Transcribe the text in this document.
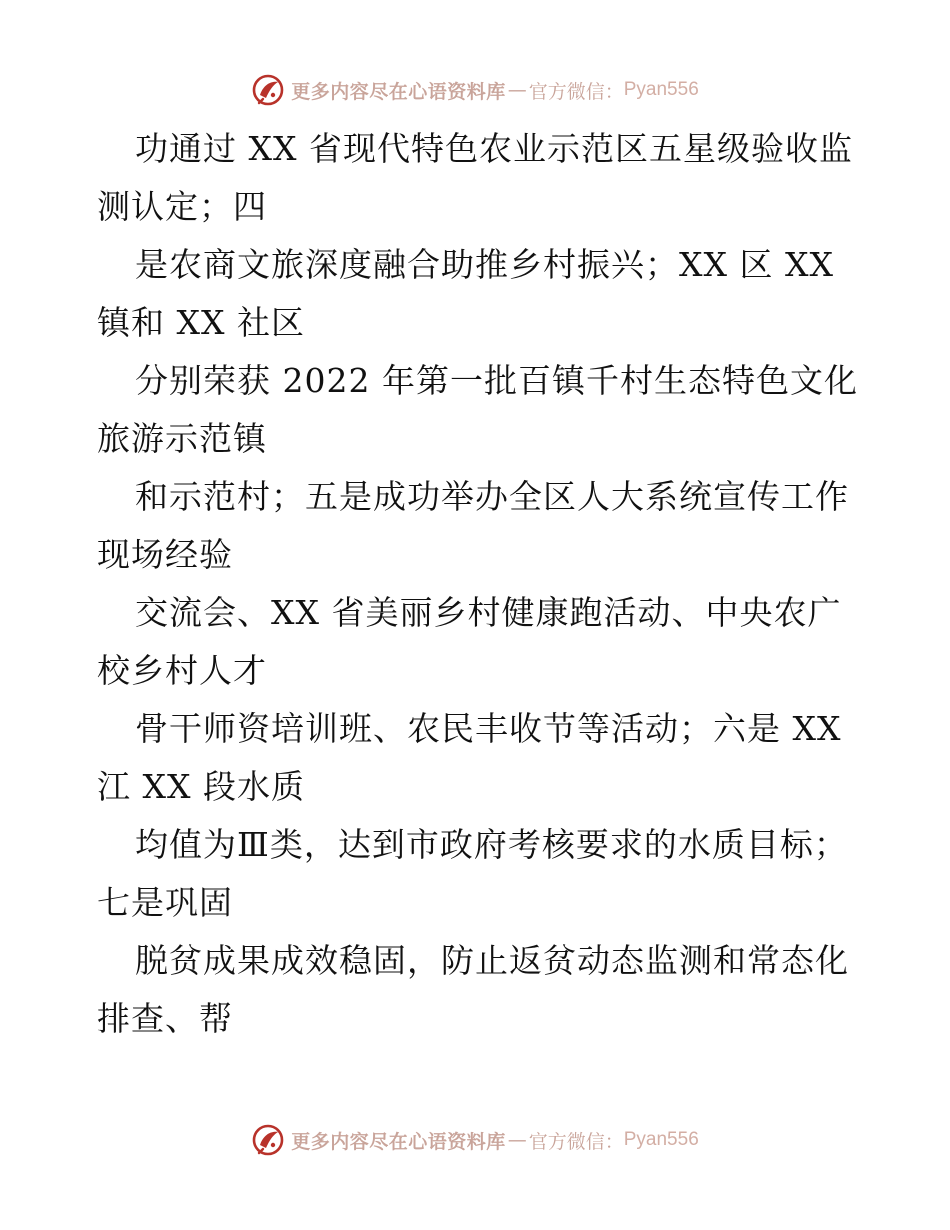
更多内容尽在心语资料库 — 官方微信： Pyan556

功通过 XX 省现代特色农业示范区五星级验收监
测认定；四

是农商文旅深度融合助推乡村振兴；XX 区 XX
镇和 XX 社区

分别荣获 2022 年第一批百镇千村生态特色文化
旅游示范镇

和示范村；五是成功举办全区人大系统宣传工作
现场经验

交流会、XX 省美丽乡村健康跑活动、中央农广
校乡村人才

骨干师资培训班、农民丰收节等活动；六是 XX
江 XX 段水质

均值为Ⅲ类，达到市政府考核要求的水质目标；
七是巩固

脱贫成果成效稳固，防止返贫动态监测和常态化
排查、帮

更多内容尽在心语资料库 — 官方微信： Pyan556
